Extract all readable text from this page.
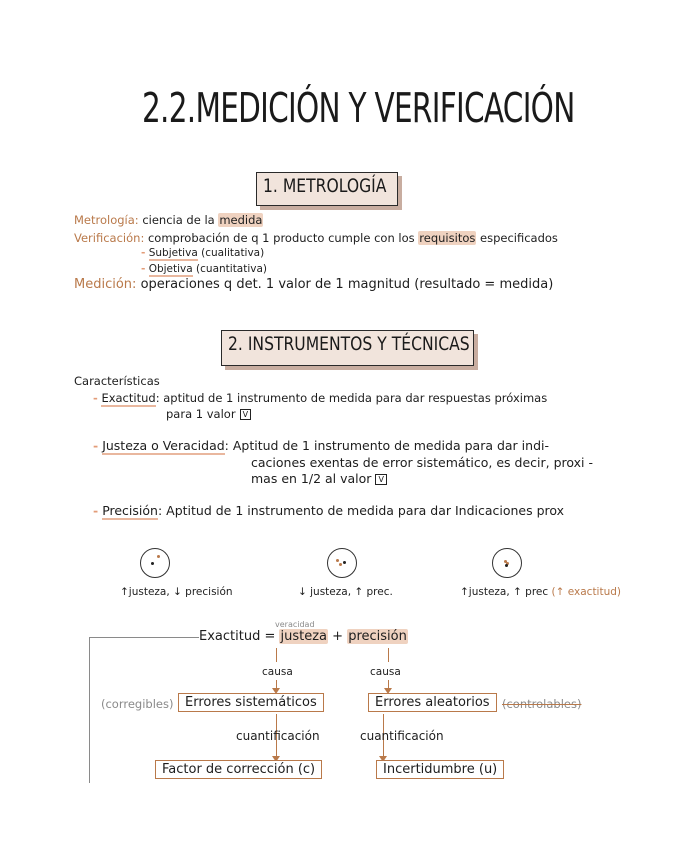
2.2.MEDICIÓN Y VERIFICACIÓN
1. METROLOGÍA
Metrología: ciencia de la medida
Verificación: comprobación de q 1 producto cumple con los requisitos especificados
- Subjetiva (cualitativa)
- Objetiva (cuantitativa)
Medición: operaciones q det. 1 valor de 1 magnitud (resultado = medida)
2. INSTRUMENTOS Y TÉCNICAS
Características
- Exactitud: aptitud de 1 instrumento de medida para dar respuestas próximas
para 1 valor V
- Justeza o Veracidad: Aptitud de 1 instrumento de medida para dar indi-
caciones exentas de error sistemático, es decir, proxi -
mas en 1/2 al valor V
- Precisión: Aptitud de 1 instrumento de medida para dar Indicaciones prox
↑justeza, ↓ precisión	↓ justeza, ↑ prec.	↑justeza, ↑ prec (↑ exactitud)
Exactitud = justeza + precisión
veracidad
causa	causa
(corregibles) Errores sistemáticos	Errores aleatorios	(controlables)
cuantificación	cuantificación
Factor de corrección (c)	Incertidumbre (u)
